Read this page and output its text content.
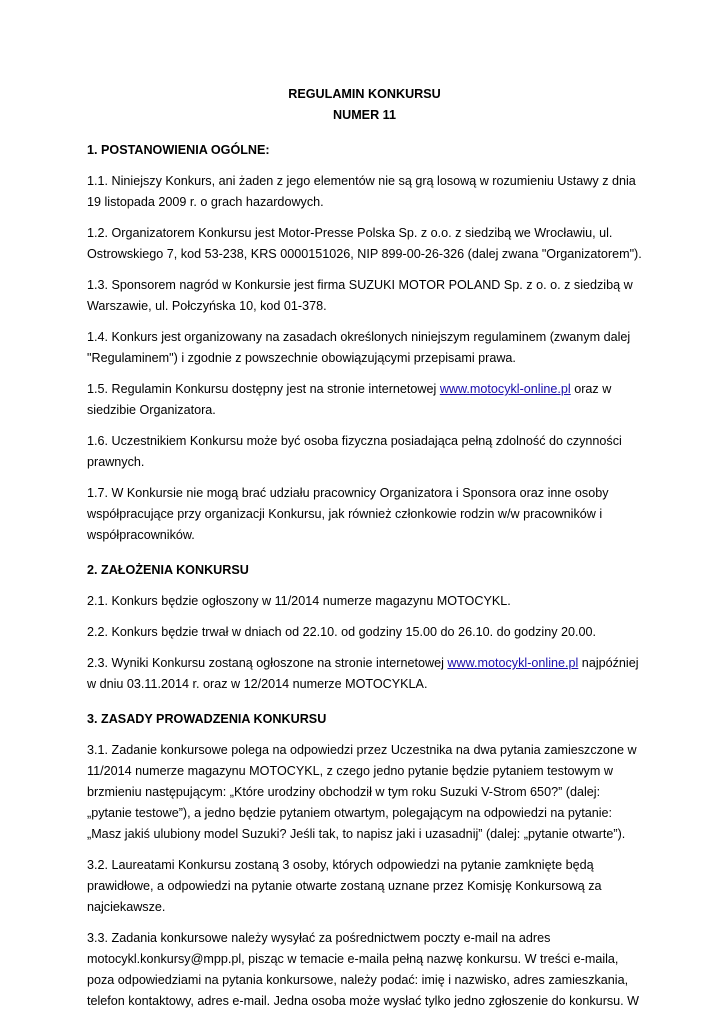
REGULAMIN KONKURSU

NUMER 11

1. POSTANOWIENIA OGÓLNE:

1.1. Niniejszy Konkurs, ani żaden z jego elementów nie są grą losową w rozumieniu Ustawy z dnia 19 listopada 2009 r. o grach hazardowych.

1.2. Organizatorem Konkursu jest Motor-Presse Polska Sp. z o.o. z siedzibą we Wrocławiu, ul. Ostrowskiego 7, kod 53-238, KRS 0000151026, NIP 899-00-26-326 (dalej zwana "Organizatorem").

1.3. Sponsorem nagród w Konkursie jest firma SUZUKI MOTOR POLAND Sp. z o. o. z siedzibą w Warszawie, ul. Połczyńska 10, kod 01-378.

1.4. Konkurs jest organizowany na zasadach określonych niniejszym regulaminem (zwanym dalej "Regulaminem") i zgodnie z powszechnie obowiązującymi przepisami prawa.

1.5. Regulamin Konkursu dostępny jest na stronie internetowej www.motocykl-online.pl oraz w siedzibie Organizatora.

1.6. Uczestnikiem Konkursu może być osoba fizyczna posiadająca pełną zdolność do czynności prawnych.

1.7. W Konkursie nie mogą brać udziału pracownicy Organizatora i Sponsora oraz inne osoby współpracujące przy organizacji Konkursu, jak również członkowie rodzin w/w pracowników i współpracowników.

2. ZAŁOŻENIA KONKURSU

2.1. Konkurs będzie ogłoszony w 11/2014 numerze magazynu MOTOCYKL.

2.2. Konkurs będzie trwał w dniach od 22.10. od godziny 15.00 do 26.10. do godziny 20.00.

2.3. Wyniki Konkursu zostaną ogłoszone na stronie internetowej www.motocykl-online.pl najpóźniej w dniu 03.11.2014 r. oraz w 12/2014 numerze MOTOCYKLA.

3. ZASADY PROWADZENIA KONKURSU

3.1. Zadanie konkursowe polega na odpowiedzi przez Uczestnika na dwa pytania zamieszczone w 11/2014 numerze magazynu MOTOCYKL, z czego jedno pytanie będzie pytaniem testowym w brzmieniu następującym: „Które urodziny obchodził w tym roku Suzuki V-Strom 650?” (dalej: „pytanie testowe”), a jedno będzie pytaniem otwartym, polegającym na odpowiedzi na pytanie: „Masz jakiś ulubiony model Suzuki? Jeśli tak, to napisz jaki i uzasadnij” (dalej: „pytanie otwarte”).

3.2. Laureatami Konkursu zostaną 3 osoby, których odpowiedzi na pytanie zamknięte będą prawidłowe, a odpowiedzi na pytanie otwarte zostaną uznane przez Komisję Konkursową za najciekawsze.

3.3. Zadania konkursowe należy wysyłać za pośrednictwem poczty e-mail na adres motocykl.konkursy@mpp.pl, pisząc w temacie e-maila pełną nazwę konkursu. W treści e-maila, poza odpowiedziami na pytania konkursowe, należy podać: imię i nazwisko, adres zamieszkania, telefon kontaktowy, adres e-mail. Jedna osoba może wysłać tylko jedno zgłoszenie do konkursu. W
